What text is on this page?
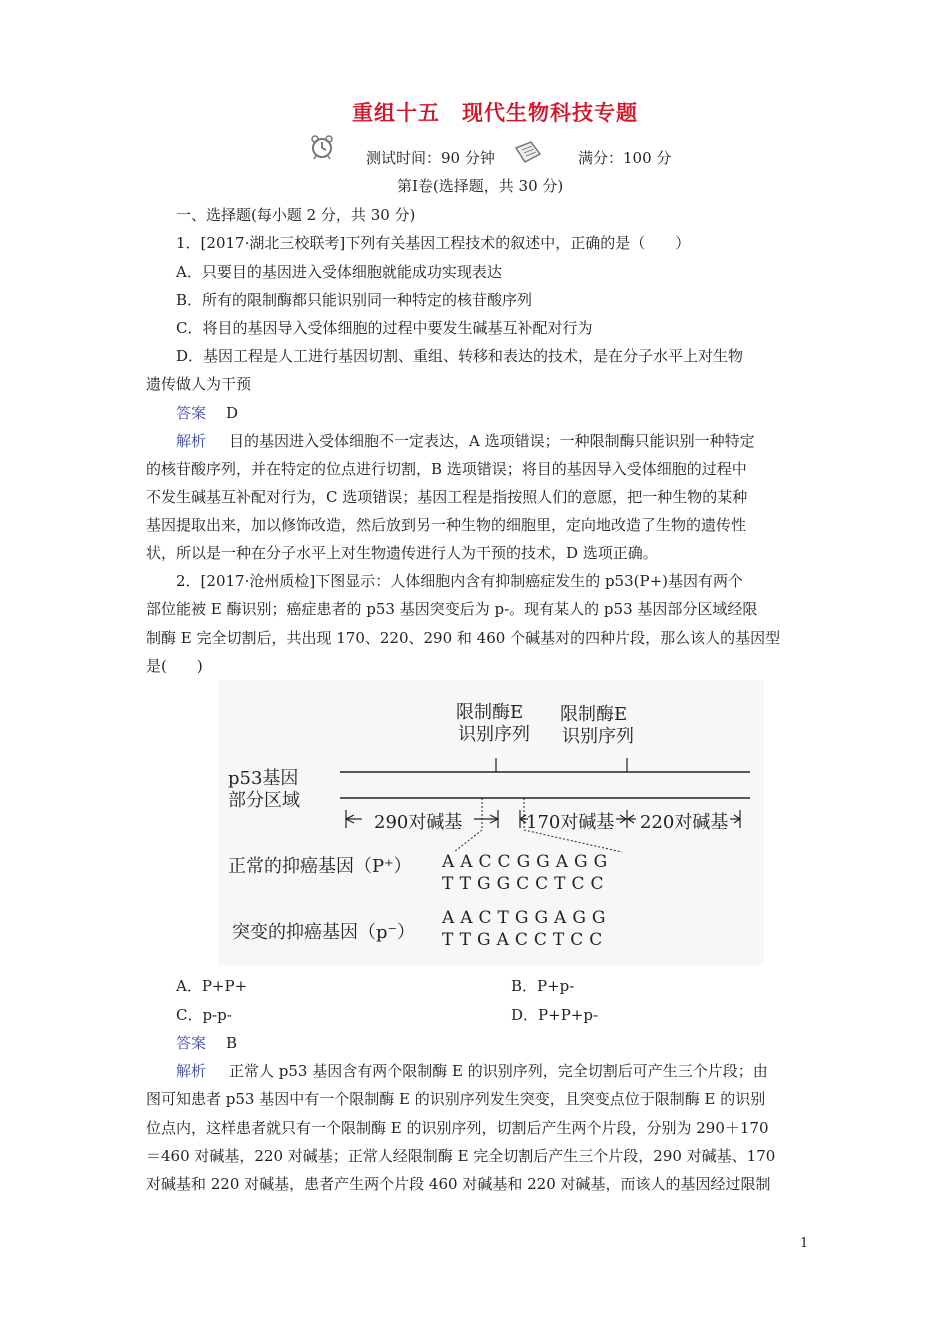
重组十五　现代生物科技专题
测试时间：90 分钟	满分：100 分
第Ⅰ卷(选择题，共 30 分)
一、选择题(每小题 2 分，共 30 分)
1．[2017·湖北三校联考]下列有关基因工程技术的叙述中，正确的是（　　）
A．只要目的基因进入受体细胞就能成功实现表达
B．所有的限制酶都只能识别同一种特定的核苷酸序列
C．将目的基因导入受体细胞的过程中要发生碱基互补配对行为
D．基因工程是人工进行基因切割、重组、转移和表达的技术，是在分子水平上对生物
遗传做人为干预
答案 D
解析 目的基因进入受体细胞不一定表达，A 选项错误；一种限制酶只能识别一种特定
的核苷酸序列，并在特定的位点进行切割，B 选项错误；将目的基因导入受体细胞的过程中
不发生碱基互补配对行为，C 选项错误；基因工程是指按照人们的意愿，把一种生物的某种
基因提取出来，加以修饰改造，然后放到另一种生物的细胞里，定向地改造了生物的遗传性
状，所以是一种在分子水平上对生物遗传进行人为干预的技术，D 选项正确。
2．[2017·沧州质检]下图显示：人体细胞内含有抑制癌症发生的 p53(P+)基因有两个
部位能被 E 酶识别；癌症患者的 p53 基因突变后为 p-。现有某人的 p53 基因部分区域经限
制酶 E 完全切割后，共出现 170、220、290 和 460 个碱基对的四种片段，那么该人的基因型
是(　　)
限制酶E
识别序列
限制酶E
识别序列
p53基因
部分区域
290对碱基	170对碱基 220对碱基
正常的抑癌基因（P⁺） AACCGGAGG
TTGGCCTCC
突变的抑癌基因（p⁻）
AACTGGAGG
TTGACCTCC
A．P+P+	B．P+p-
C．p-p-	D．P+P+p-
答案 B
解析 正常人 p53 基因含有两个限制酶 E 的识别序列，完全切割后可产生三个片段；由
图可知患者 p53 基因中有一个限制酶 E 的识别序列发生突变，且突变点位于限制酶 E 的识别
位点内，这样患者就只有一个限制酶 E 的识别序列，切割后产生两个片段，分别为 290＋170
＝460 对碱基，220 对碱基；正常人经限制酶 E 完全切割后产生三个片段，290 对碱基、170
对碱基和 220 对碱基，患者产生两个片段 460 对碱基和 220 对碱基，而该人的基因经过限制
1
